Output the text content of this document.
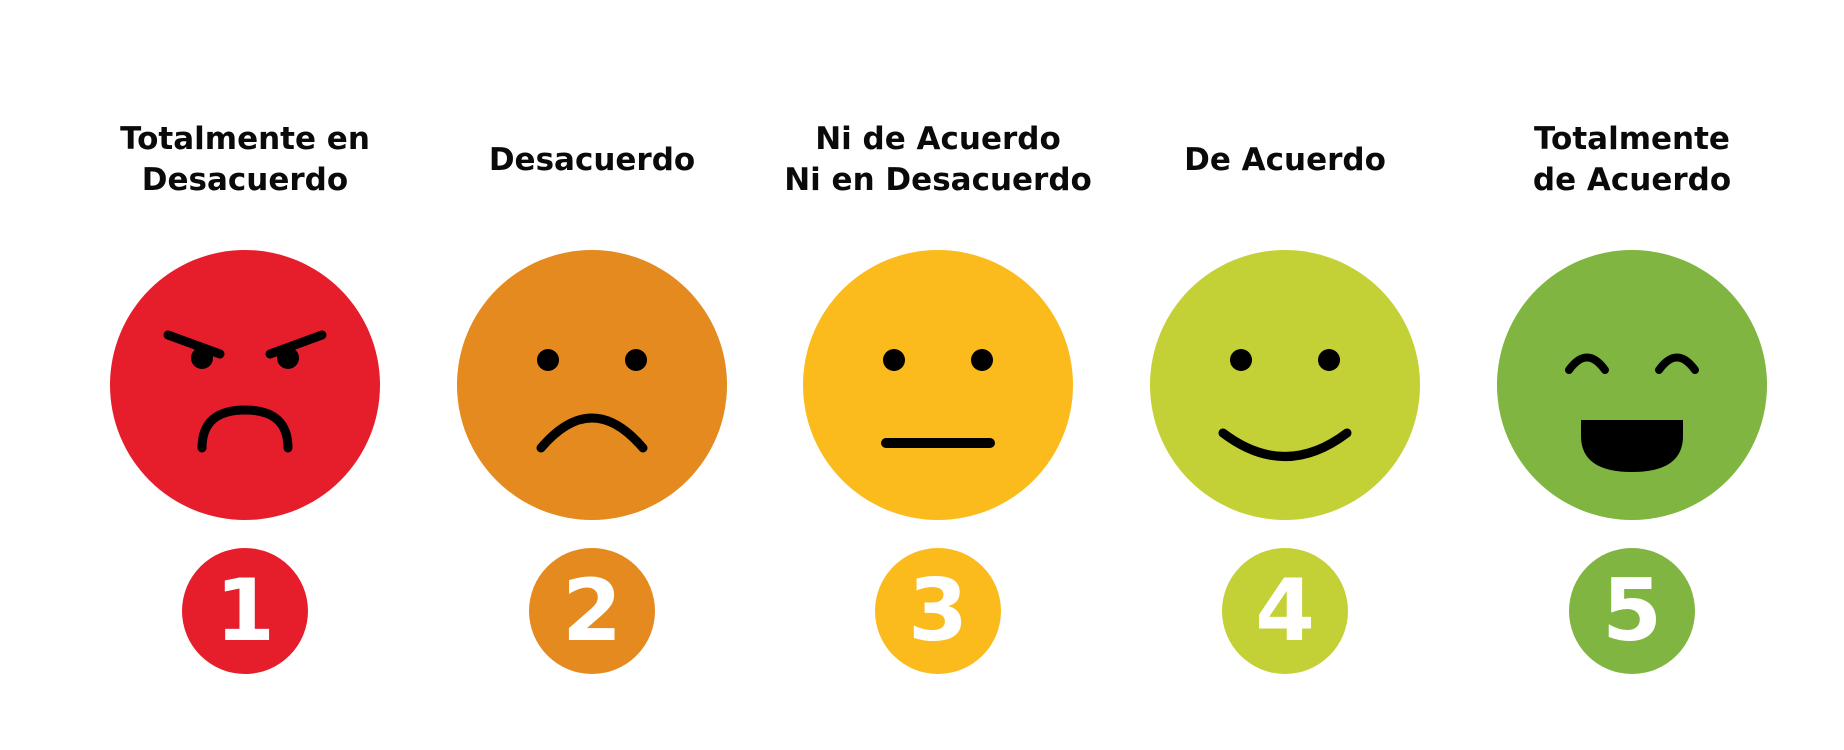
Totalmente en
Desacuerdo
1
Desacuerdo
2
Ni de Acuerdo
Ni en Desacuerdo
3
De Acuerdo
4
Totalmente
de Acuerdo
5
